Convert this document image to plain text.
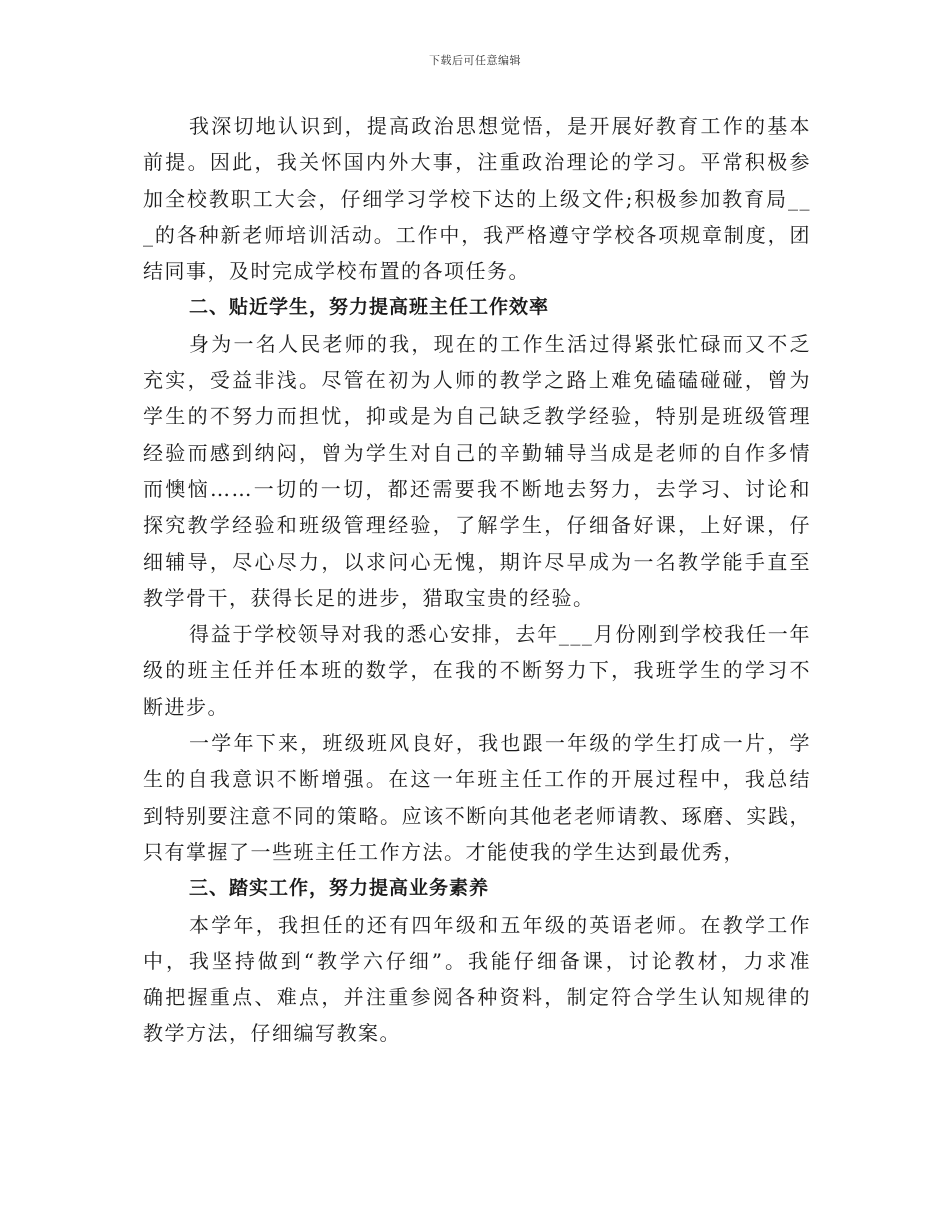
下载后可任意编辑

我深切地认识到，提高政治思想觉悟，是开展好教育工作的基本
前提。因此，我关怀国内外大事，注重政治理论的学习。平常积极参
加全校教职工大会，仔细学习学校下达的上级文件;积极参加教育局__
_的各种新老师培训活动。工作中，我严格遵守学校各项规章制度，团
结同事，及时完成学校布置的各项任务。

二、贴近学生，努力提高班主任工作效率

身为一名人民老师的我，现在的工作生活过得紧张忙碌而又不乏
充实，受益非浅。尽管在初为人师的教学之路上难免磕磕碰碰，曾为
学生的不努力而担忧，抑或是为自己缺乏教学经验，特别是班级管理
经验而感到纳闷，曾为学生对自己的辛勤辅导当成是老师的自作多情
而懊恼……一切的一切，都还需要我不断地去努力，去学习、讨论和
探究教学经验和班级管理经验，了解学生，仔细备好课，上好课，仔
细辅导，尽心尽力，以求问心无愧，期许尽早成为一名教学能手直至
教学骨干，获得长足的进步，猎取宝贵的经验。

得益于学校领导对我的悉心安排，去年___月份刚到学校我任一年
级的班主任并任本班的数学，在我的不断努力下，我班学生的学习不
断进步。

一学年下来，班级班风良好，我也跟一年级的学生打成一片，学
生的自我意识不断增强。在这一年班主任工作的开展过程中，我总结
到特别要注意不同的策略。应该不断向其他老老师请教、琢磨、实践，
只有掌握了一些班主任工作方法。才能使我的学生达到最优秀，

三、踏实工作，努力提高业务素养

本学年，我担任的还有四年级和五年级的英语老师。在教学工作
中，我坚持做到“教学六仔细”。我能仔细备课，讨论教材，力求准
确把握重点、难点，并注重参阅各种资料，制定符合学生认知规律的
教学方法，仔细编写教案。
